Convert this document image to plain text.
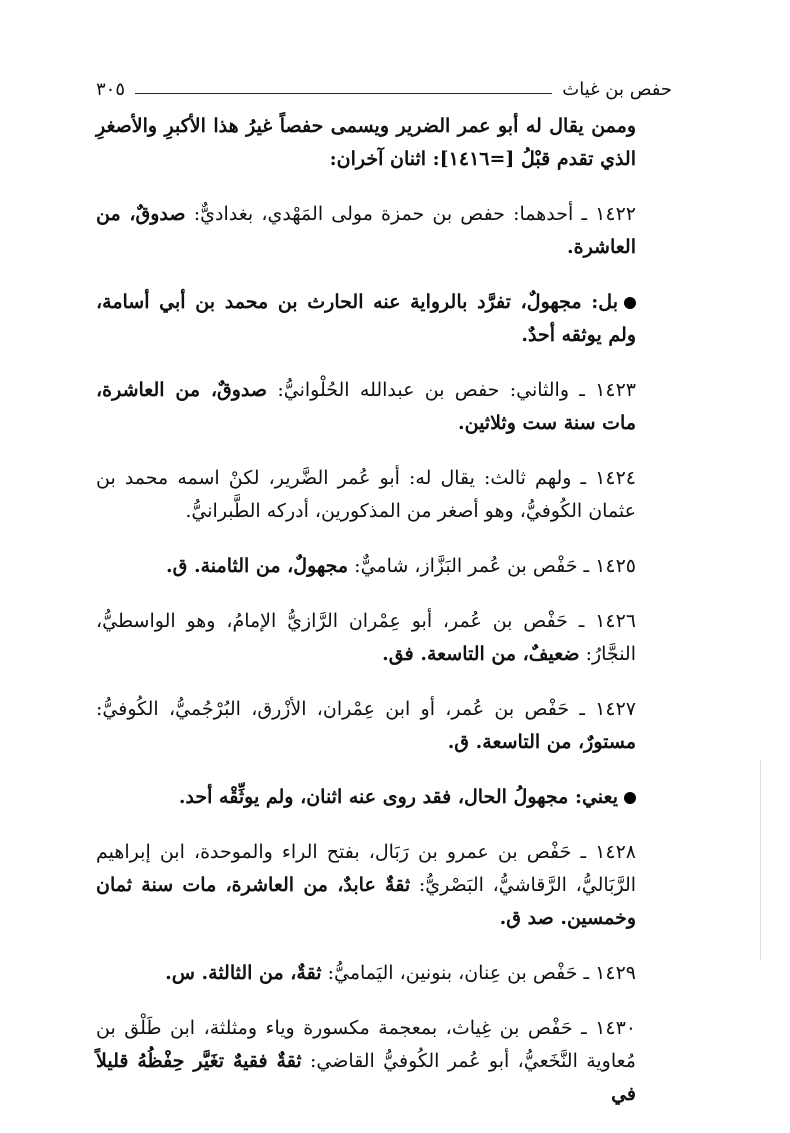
حفص بن غياث
٣٠٥

وممن يقال له أبو عمر الضرير ويسمى حفصاً غيرُ هذا الأكبرِ والأصغرِ الذي تقدم قبْلُ [=١٤١٦]: اثنان آخران:

١٤٢٢ ـ أحدهما: حفص بن حمزة مولى المَهْدي، بغداديٌّ: صدوقٌ، من العاشرة.

بل: مجهولٌ، تفرَّد بالرواية عنه الحارث بن محمد بن أبي أسامة، ولم يوثقه أحدٌ.

١٤٢٣ ـ والثاني: حفص بن عبدالله الحُلْوانيُّ: صدوقٌ، من العاشرة، مات سنة ست وثلاثين.

١٤٢٤ ـ ولهم ثالث: يقال له: أبو عُمر الضَّرير، لكنْ اسمه محمد بن عثمان الكُوفيُّ، وهو أصغر من المذكورين، أدركه الطَّبرانيُّ.

١٤٢٥ ـ حَفْص بن عُمر البَزَّاز، شاميٌّ: مجهولٌ، من الثامنة. ق.

١٤٢٦ ـ حَفْص بن عُمر، أبو عِمْران الرَّازيُّ الإمامُ، وهو الواسطيُّ، النجَّارُ: ضعيفٌ، من التاسعة. فق.

١٤٢٧ ـ حَفْص بن عُمر، أو ابن عِمْران، الأزْرق، البُرْجُميُّ، الكُوفيُّ: مستورٌ، من التاسعة. ق.

يعني: مجهولُ الحال، فقد روى عنه اثنان، ولم يوثِّقْه أحد.

١٤٢٨ ـ حَفْص بن عمرو بن رَبَال، بفتح الراء والموحدة، ابن إبراهيم الرَّبَاليُّ، الرَّقاشيُّ، البَصْريُّ: ثقةٌ عابدٌ، من العاشرة، مات سنة ثمان وخمسين. صد ق.

١٤٢٩ ـ حَفْص بن عِنان، بنونين، اليَماميُّ: ثقةٌ، من الثالثة. س.

١٤٣٠ ـ حَفْص بن غِياث، بمعجمة مكسورة وياء ومثلثة، ابن طَلْق بن مُعاوية النَّخَعيُّ، أبو عُمر الكُوفيُّ القاضي: ثقةٌ فقيهٌ تغَيَّر حِفْظُهُ قليلاً في
